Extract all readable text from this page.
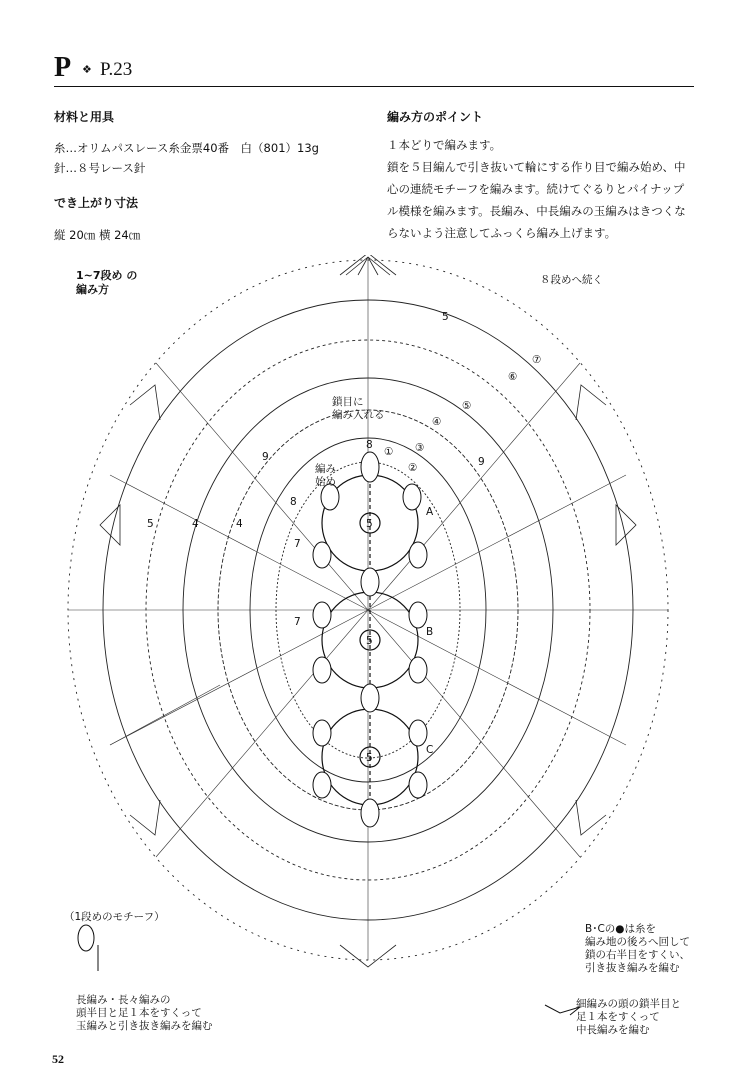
P ❖ P.23
材料と用具
糸…オリムパスレース糸金票40番　白（801）13g
針…８号レース針
でき上がり寸法
縦 20㎝ 横 24㎝
編み方のポイント
１本どりで編みます。
鎖を５目編んで引き抜いて輪にする作り目で編み始め、中
心の連続モチーフを編みます。続けてぐるりとパイナップ
ル模様を編みます。長編み、中長編みの玉編みはきつくな
らないよう注意してふっくら編み上げます。
1~7段め の
編み方
８段めへ続く
鎖目に
編み入れる
編み
始め
A
B
C
5
5
5
9	9
8
8
7
7
5
5
4	4
①
②
③
④
⑤
⑥
⑦
（1段めのモチーフ）
長編み・長々編みの
頭半目と足１本をすくって
玉編みと引き抜き編みを編む
B･Cの●は糸を
編み地の後ろへ回して
鎖の右半目をすくい、
引き抜き編みを編む
細編みの頭の鎖半目と
足１本をすくって
中長編みを編む
52
